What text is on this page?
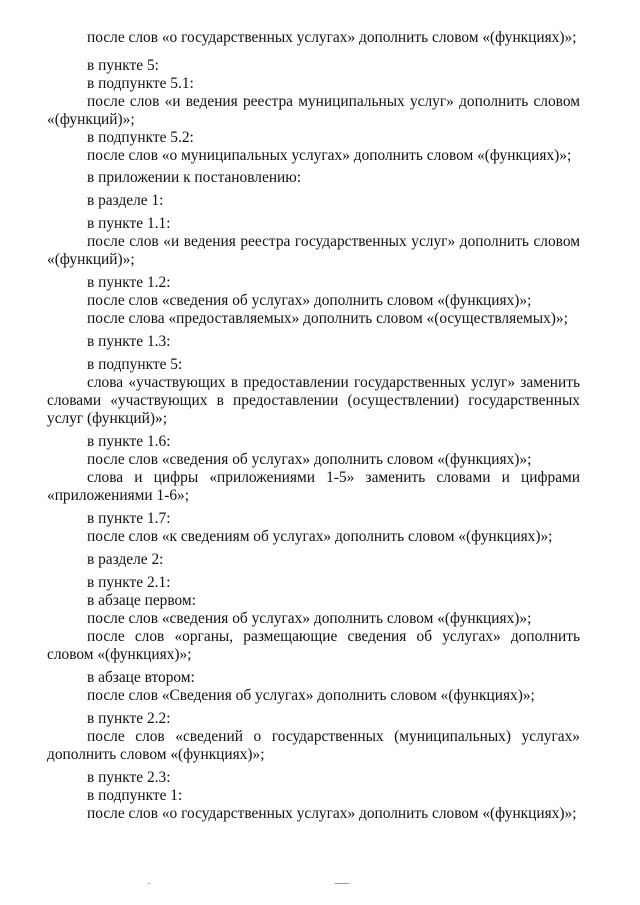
после слов «о государственных услугах» дополнить словом «(функциях)»;

в пункте 5:

в подпункте 5.1:

после слов «и ведения реестра муниципальных услуг» дополнить словом

«(функций)»;

в подпункте 5.2:

после слов «о муниципальных услугах» дополнить словом «(функциях)»;

в приложении к постановлению:

в разделе 1:

в пункте 1.1:

после слов «и ведения реестра государственных услуг» дополнить словом

«(функций)»;

в пункте 1.2:

после слов «сведения об услугах» дополнить словом «(функциях)»;

после слова «предоставляемых» дополнить словом «(осуществляемых)»;

в пункте 1.3:

в подпункте 5:

слова «участвующих в предоставлении государственных услуг» заменить

словами «участвующих в предоставлении (осуществлении) государственных

услуг (функций)»;

в пункте 1.6:

после слов «сведения об услугах» дополнить словом «(функциях)»;

слова и цифры «приложениями 1-5» заменить словами и цифрами

«приложениями 1-6»;

в пункте 1.7:

после слов «к сведениям об услугах» дополнить словом «(функциях)»;

в разделе 2:

в пункте 2.1:

в абзаце первом:

после слов «сведения об услугах» дополнить словом «(функциях)»;

после слов «органы, размещающие сведения об услугах» дополнить

словом «(функциях)»;

в абзаце втором:

после слов «Сведения об услугах» дополнить словом «(функциях)»;

в пункте 2.2:

после слов «сведений о государственных (муниципальных) услугах»

дополнить словом «(функциях)»;

в пункте 2.3:

в подпункте 1:

после слов «о государственных услугах» дополнить словом «(функциях)»;
